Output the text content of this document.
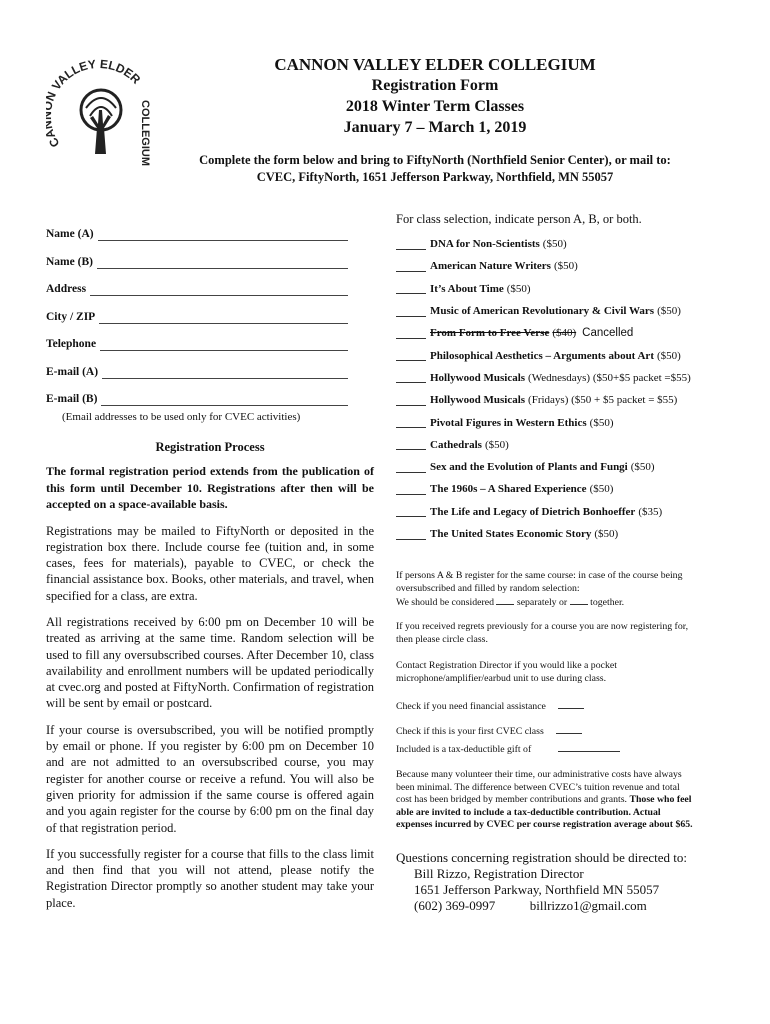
C VALLEY ELDER
COLLEGIUM
CANNON VALLEY ELDER COLLEGIUM
Registration Form
2018 Winter Term Classes
January 7 – March 1, 2019
Complete the form below and bring to FiftyNorth (Northfield Senior Center), or mail to:
CVEC, FiftyNorth, 1651 Jefferson Parkway, Northfield, MN 55057
Name (A)
Name (B)
Address
City / ZIP
Telephone
E-mail (A)
E-mail (B)
(Email addresses to be used only for CVEC activities)
Registration Process

The formal registration period extends from the publication of this form until December 10. Registrations after then will be accepted on a space-available basis.

Registrations may be mailed to FiftyNorth or deposited in the registration box there. Include course fee (tuition and, in some cases, fees for materials), payable to CVEC, or check the financial assistance box. Books, other materials, and travel, when specified for a class, are extra.

All registrations received by 6:00 pm on December 10 will be treated as arriving at the same time. Random selection will be used to fill any oversubscribed courses. After December 10, class availability and enrollment numbers will be updated periodically at cvec.org and posted at FiftyNorth. Confirmation of registration will be sent by email or postcard.

If your course is oversubscribed, you will be notified promptly by email or phone. If you register by 6:00 pm on December 10 and are not admitted to an oversubscribed course, you may register for another course or receive a refund. You will also be given priority for admission if the same course is offered again and you again register for the course by 6:00 pm on the final day of that registration period.

If you successfully register for a course that fills to the class limit and then find that you will not attend, please notify the Registration Director promptly so another student may take your place.

For class selection, indicate person A, B, or both.
DNA for Non-Scientists ($50)
American Nature Writers ($50)
It’s About Time ($50)
Music of American Revolutionary & Civil Wars ($50)
From Form to Free Verse ($40) Cancelled
Philosophical Aesthetics – Arguments about Art ($50)
Hollywood Musicals (Wednesdays) ($50+$5 packet =$55)
Hollywood Musicals (Fridays) ($50 + $5 packet = $55)
Pivotal Figures in Western Ethics ($50)
Cathedrals ($50)
Sex and the Evolution of Plants and Fungi ($50)
The 1960s – A Shared Experience ($50)
The Life and Legacy of Dietrich Bonhoeffer ($35)
The United States Economic Story ($50)
If persons A & B register for the same course: in case of the course being
oversubscribed and filled by random selection:
We should be considered separately or together.
If you received regrets previously for a course you are now registering for,
then please circle class.
Contact Registration Director if you would like a pocket
microphone/amplifier/earbud unit to use during class.
Check if you need financial assistance
Check if this is your first CVEC class
Included is a tax-deductible gift of
Because many volunteer their time, our administrative costs have always
been minimal. The difference between CVEC’s tuition revenue and total
cost has been bridged by member contributions and grants. Those who feel
able are invited to include a tax-deductible contribution. Actual
expenses incurred by CVEC per course registration average about $65.
Questions concerning registration should be directed to:
Bill Rizzo, Registration Director
1651 Jefferson Parkway, Northfield MN 55057
(602) 369-0997	billrizzo1@gmail.com
